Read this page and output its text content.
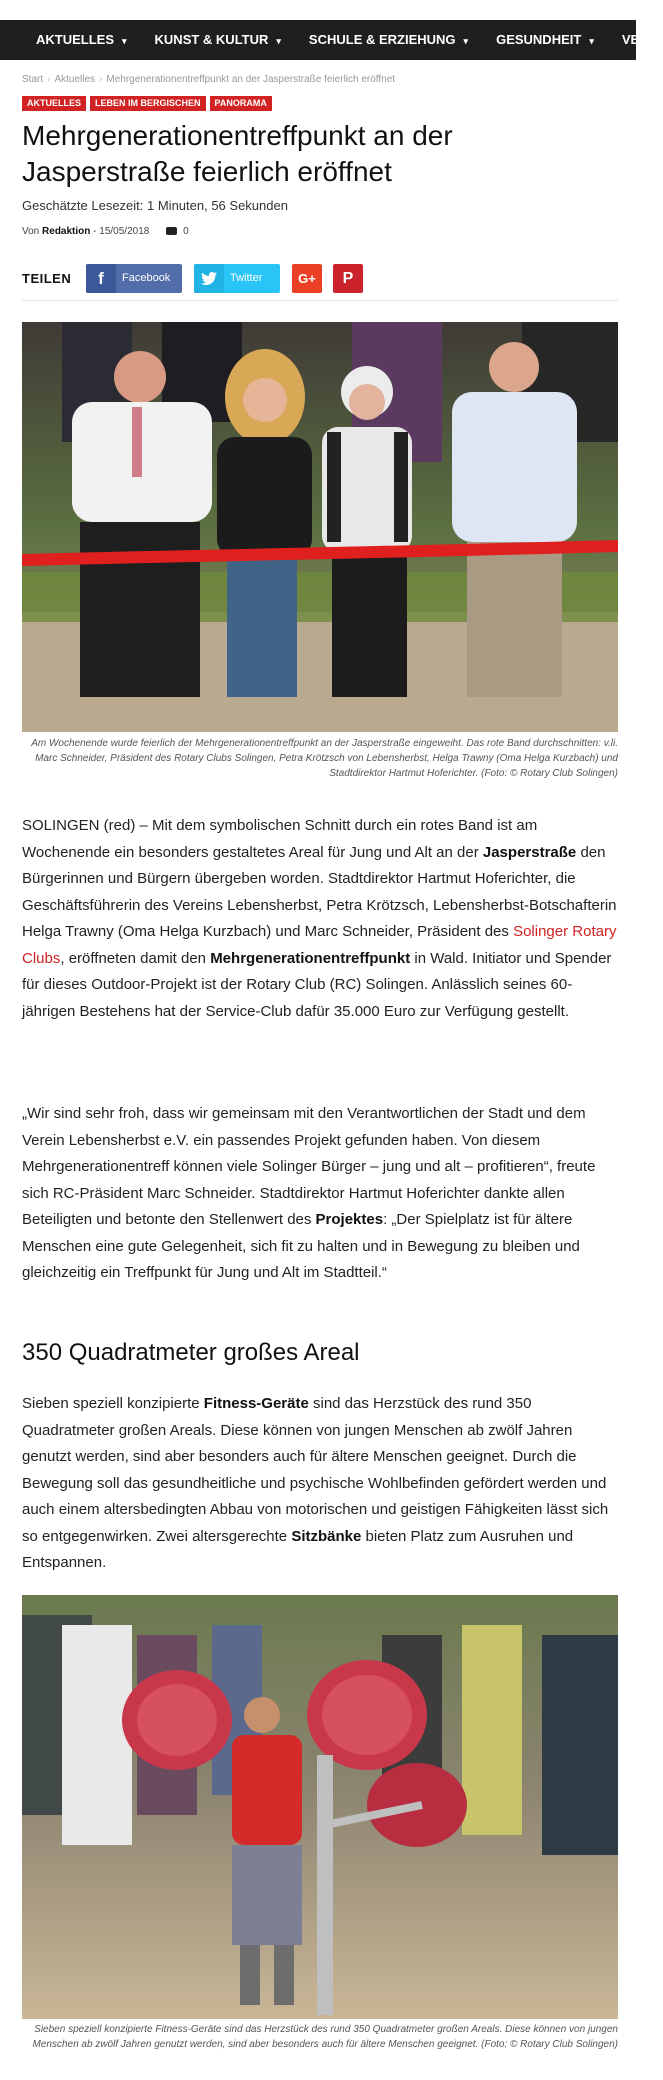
AKTUELLES ▾ KUNST & KULTUR ▾ SCHULE & ERZIEHUNG ▾ GESUNDHEIT ▾ VER
Start › Aktuelles › Mehrgenerationentreffpunkt an der Jasperstraße feierlich eröffnet
AKTUELLES LEBEN IM BERGISCHEN PANORAMA
Mehrgenerationentreffpunkt an der Jasperstraße feierlich eröffnet
Geschätzte Lesezeit: 1 Minuten, 56 Sekunden
Von Redaktion - 15/05/2018	0
TEILEN	f	Facebook	Twitter	G+	P
Am Wochenende wurde feierlich der Mehrgenerationentreffpunkt an der Jasperstraße eingeweiht. Das rote Band durchschnitten: v.li. Marc Schneider, Präsident des Rotary Clubs Solingen, Petra Krötzsch von Lebensherbst, Helga Trawny (Oma Helga Kurzbach) und Stadtdirektor Hartmut Hoferichter. (Foto: © Rotary Club Solingen)

SOLINGEN (red) – Mit dem symbolischen Schnitt durch ein rotes Band ist am Wochenende ein besonders gestaltetes Areal für Jung und Alt an der Jasperstraße den Bürgerinnen und Bürgern übergeben worden. Stadtdirektor Hartmut Hoferichter, die Geschäftsführerin des Vereins Lebensherbst, Petra Krötzsch, Lebensherbst-Botschafterin Helga Trawny (Oma Helga Kurzbach) und Marc Schneider, Präsident des Solinger Rotary Clubs, eröffneten damit den Mehrgenerationentreffpunkt in Wald. Initiator und Spender für dieses Outdoor-Projekt ist der Rotary Club (RC) Solingen. Anlässlich seines 60-jährigen Bestehens hat der Service-Club dafür 35.000 Euro zur Verfügung gestellt.

„Wir sind sehr froh, dass wir gemeinsam mit den Verantwortlichen der Stadt und dem Verein Lebensherbst e.V. ein passendes Projekt gefunden haben. Von diesem Mehrgenerationentreff können viele Solinger Bürger – jung und alt – profitieren“, freute sich RC-Präsident Marc Schneider. Stadtdirektor Hartmut Hoferichter dankte allen Beteiligten und betonte den Stellenwert des Projektes: „Der Spielplatz ist für ältere Menschen eine gute Gelegenheit, sich fit zu halten und in Bewegung zu bleiben und gleichzeitig ein Treffpunkt für Jung und Alt im Stadtteil.“

350 Quadratmeter großes Areal

Sieben speziell konzipierte Fitness-Geräte sind das Herzstück des rund 350 Quadratmeter großen Areals. Diese können von jungen Menschen ab zwölf Jahren genutzt werden, sind aber besonders auch für ältere Menschen geeignet. Durch die Bewegung soll das gesundheitliche und psychische Wohlbefinden gefördert werden und auch einem altersbedingten Abbau von motorischen und geistigen Fähigkeiten lässt sich so entgegenwirken. Zwei altersgerechte Sitzbänke bieten Platz zum Ausruhen und Entspannen.

Sieben speziell konzipierte Fitness-Geräte sind das Herzstück des rund 350 Quadratmeter großen Areals. Diese können von jungen Menschen ab zwölf Jahren genutzt werden, sind aber besonders auch für ältere Menschen geeignet. (Foto: © Rotary Club Solingen)
